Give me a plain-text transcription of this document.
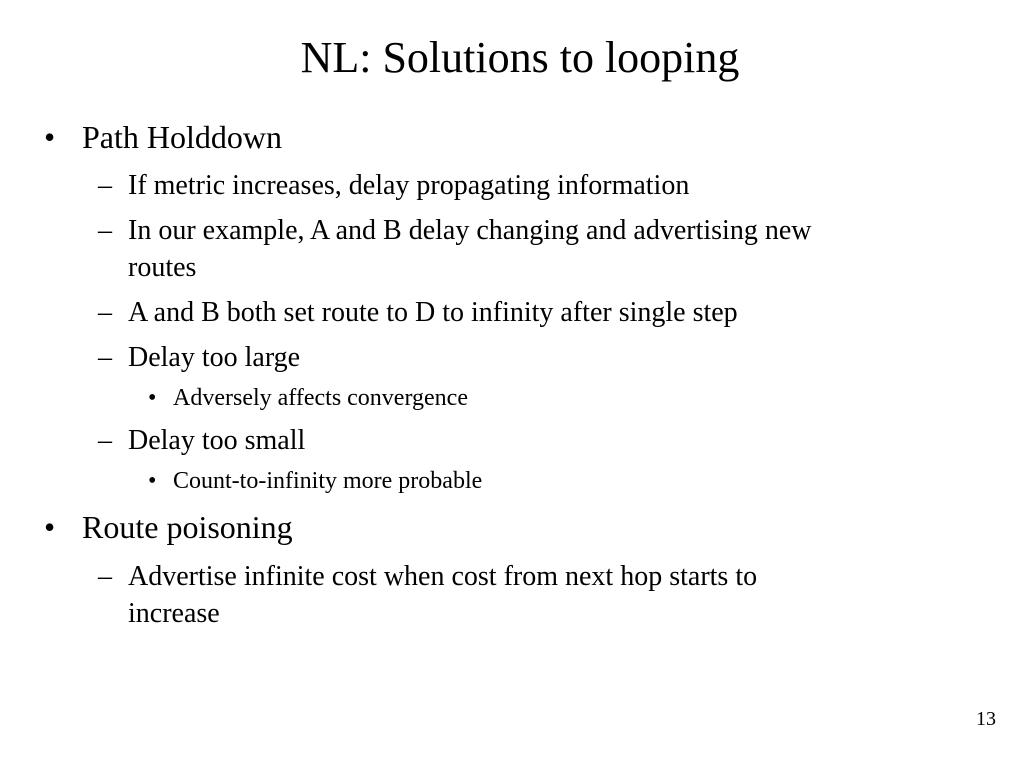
NL: Solutions to looping
• Path Holddown
– If metric increases, delay propagating information
– In our example, A and B delay changing and advertising new
routes
– A and B both set route to D to infinity after single step
– Delay too large
• Adversely affects convergence
– Delay too small
• Count-to-infinity more probable
• Route poisoning
– Advertise infinite cost when cost from next hop starts to
increase
13
